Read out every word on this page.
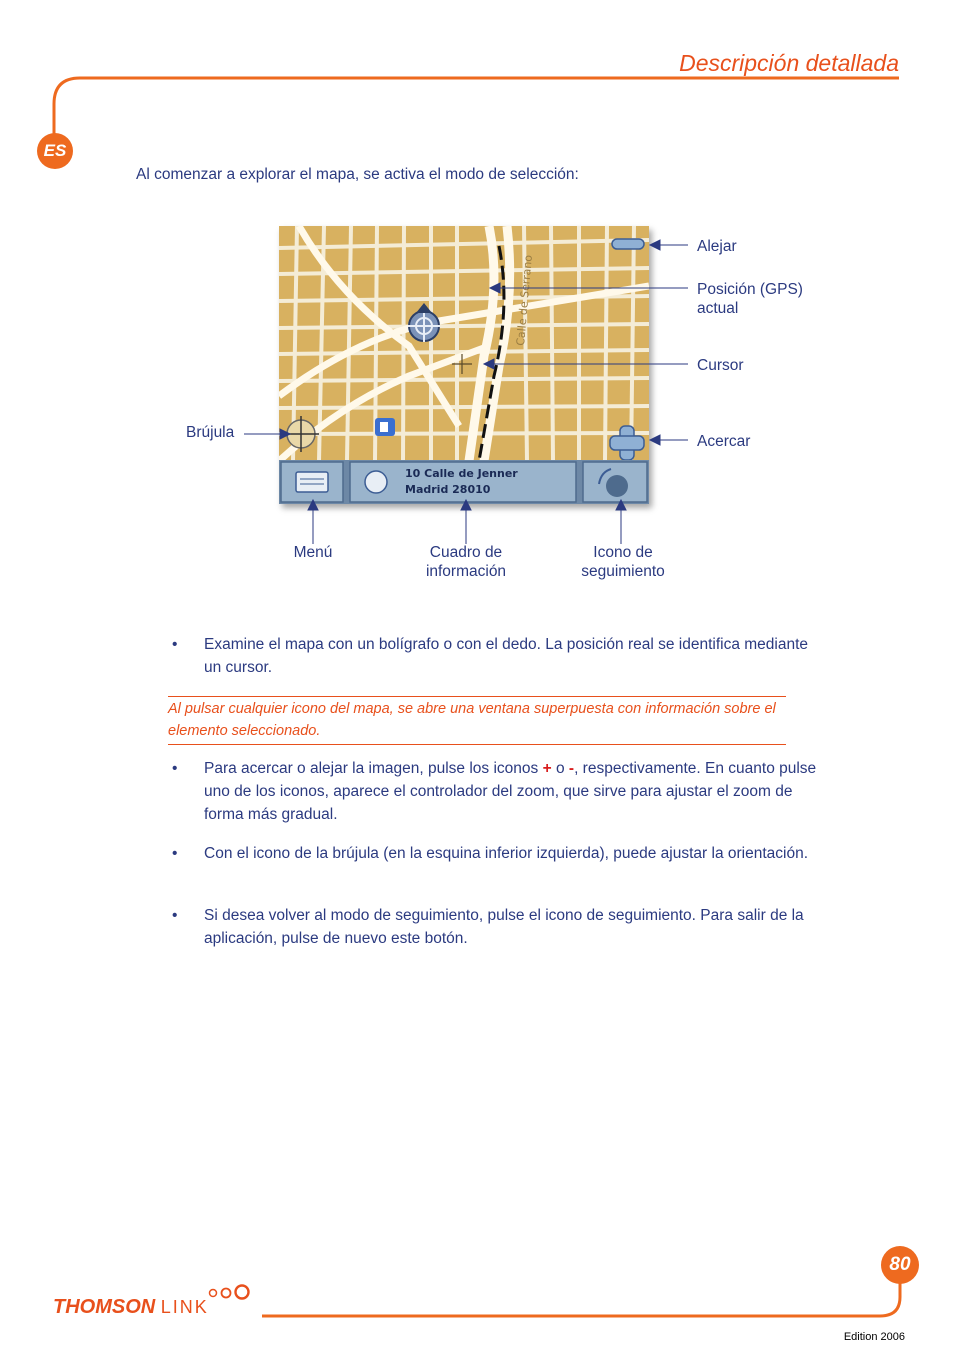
Descripción detallada
ES
Al comenzar a explorar el mapa, se activa el modo de selección:
Calle de Serrano
10 Calle de Jenner
Madrid 28010
Alejar
Posición (GPS)
actual
Cursor
Brújula
Acercar
Menú	Cuadro de
información
Icono de
seguimiento
• Examine el mapa con un bolígrafo o con el dedo. La posición real se identifica mediante un cursor.
Al pulsar cualquier icono del mapa, se abre una ventana superpuesta con información sobre el elemento seleccionado.
• Para acercar o alejar la imagen, pulse los iconos + o -, respectivamente. En cuanto pulse uno de los iconos, aparece el controlador del zoom, que sirve para ajustar el zoom de forma más gradual.
• Con el icono de la brújula (en la esquina inferior izquierda), puede ajustar la orientación.
• Si desea volver al modo de seguimiento, pulse el icono de seguimiento. Para salir de la aplicación, pulse de nuevo este botón.
80
THOMSON LINK
Edition 2006
